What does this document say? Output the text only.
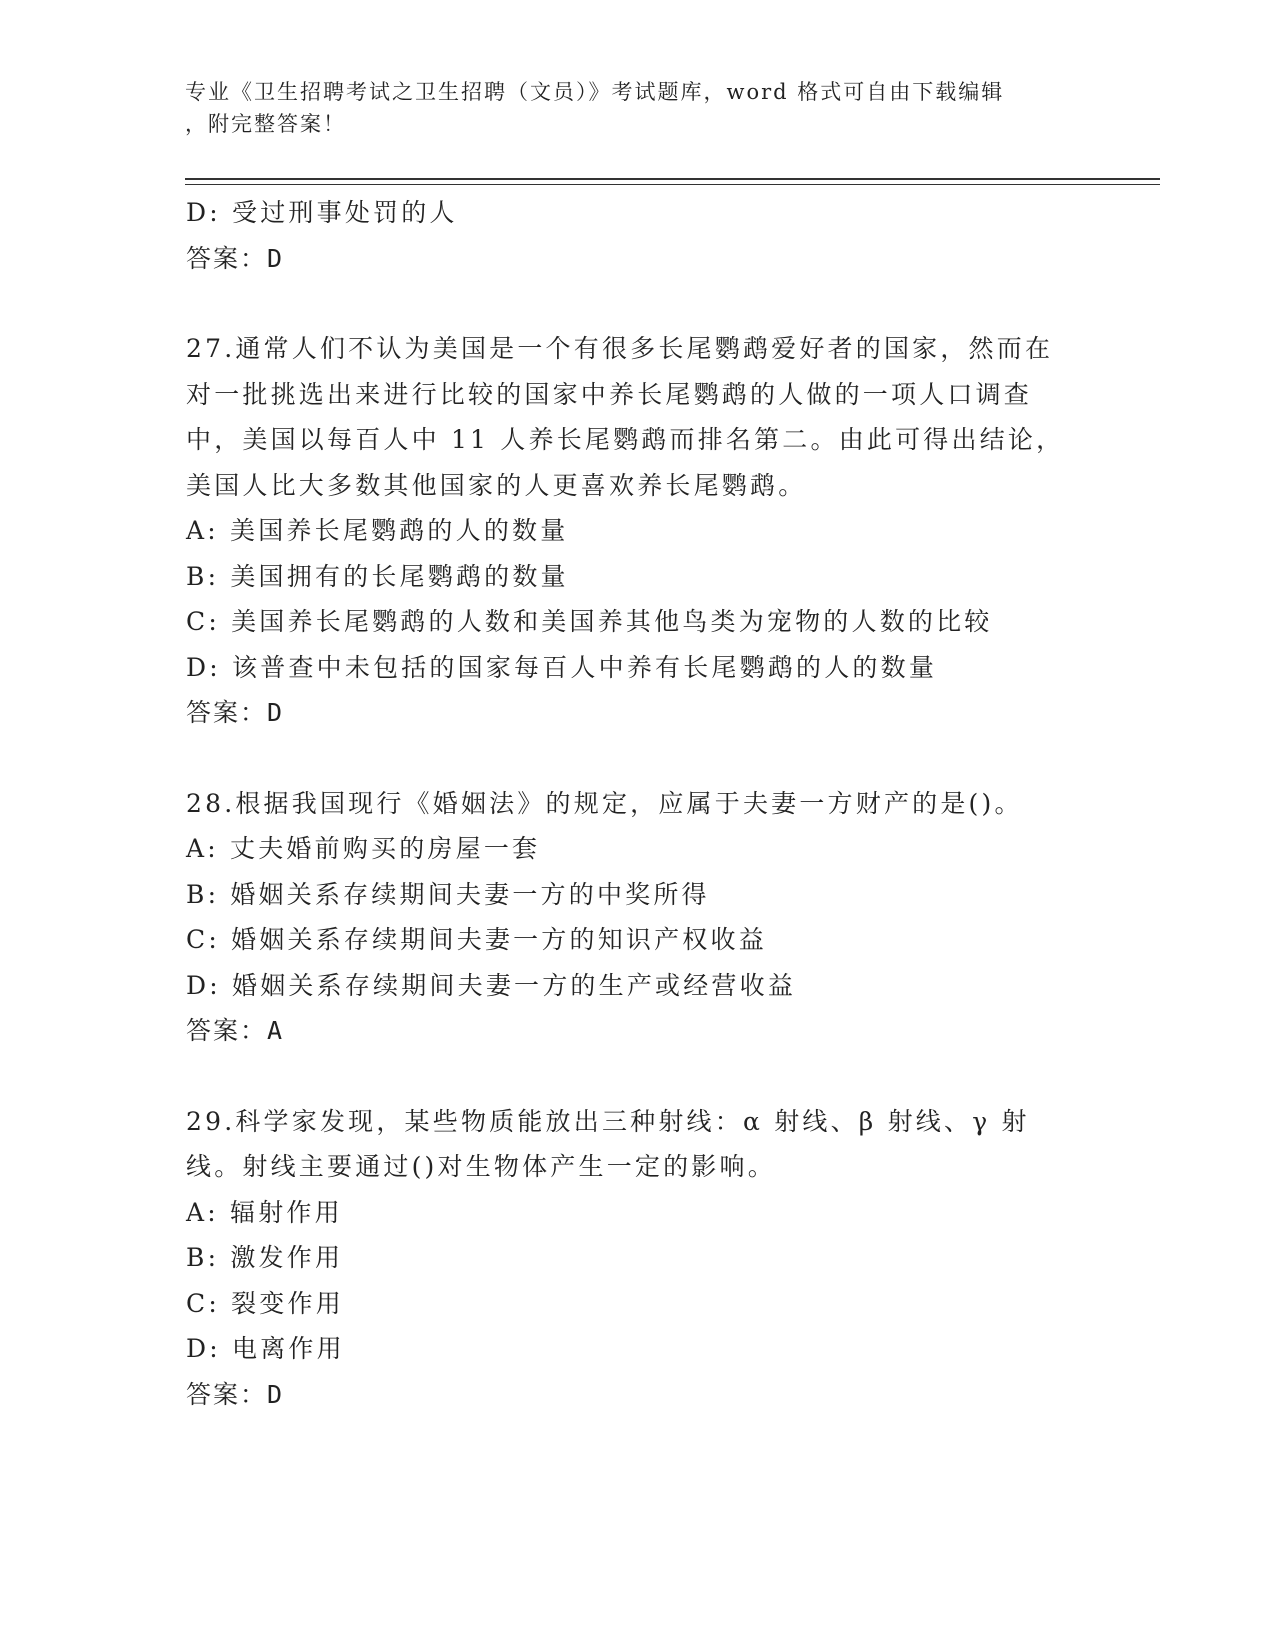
专业《卫生招聘考试之卫生招聘（文员）》考试题库，word 格式可自由下载编辑
，附完整答案！
D: 受过刑事处罚的人
答案：D
27.通常人们不认为美国是一个有很多长尾鹦鹉爱好者的国家，然而在
对一批挑选出来进行比较的国家中养长尾鹦鹉的人做的一项人口调查
中，美国以每百人中 11 人养长尾鹦鹉而排名第二。由此可得出结论，
美国人比大多数其他国家的人更喜欢养长尾鹦鹉。
A: 美国养长尾鹦鹉的人的数量
B: 美国拥有的长尾鹦鹉的数量
C: 美国养长尾鹦鹉的人数和美国养其他鸟类为宠物的人数的比较
D: 该普查中未包括的国家每百人中养有长尾鹦鹉的人的数量
答案：D
28.根据我国现行《婚姻法》的规定，应属于夫妻一方财产的是()。
A: 丈夫婚前购买的房屋一套
B: 婚姻关系存续期间夫妻一方的中奖所得
C: 婚姻关系存续期间夫妻一方的知识产权收益
D: 婚姻关系存续期间夫妻一方的生产或经营收益
答案：A
29.科学家发现，某些物质能放出三种射线：α 射线、β 射线、γ 射
线。射线主要通过()对生物体产生一定的影响。
A: 辐射作用
B: 激发作用
C: 裂变作用
D: 电离作用
答案：D
